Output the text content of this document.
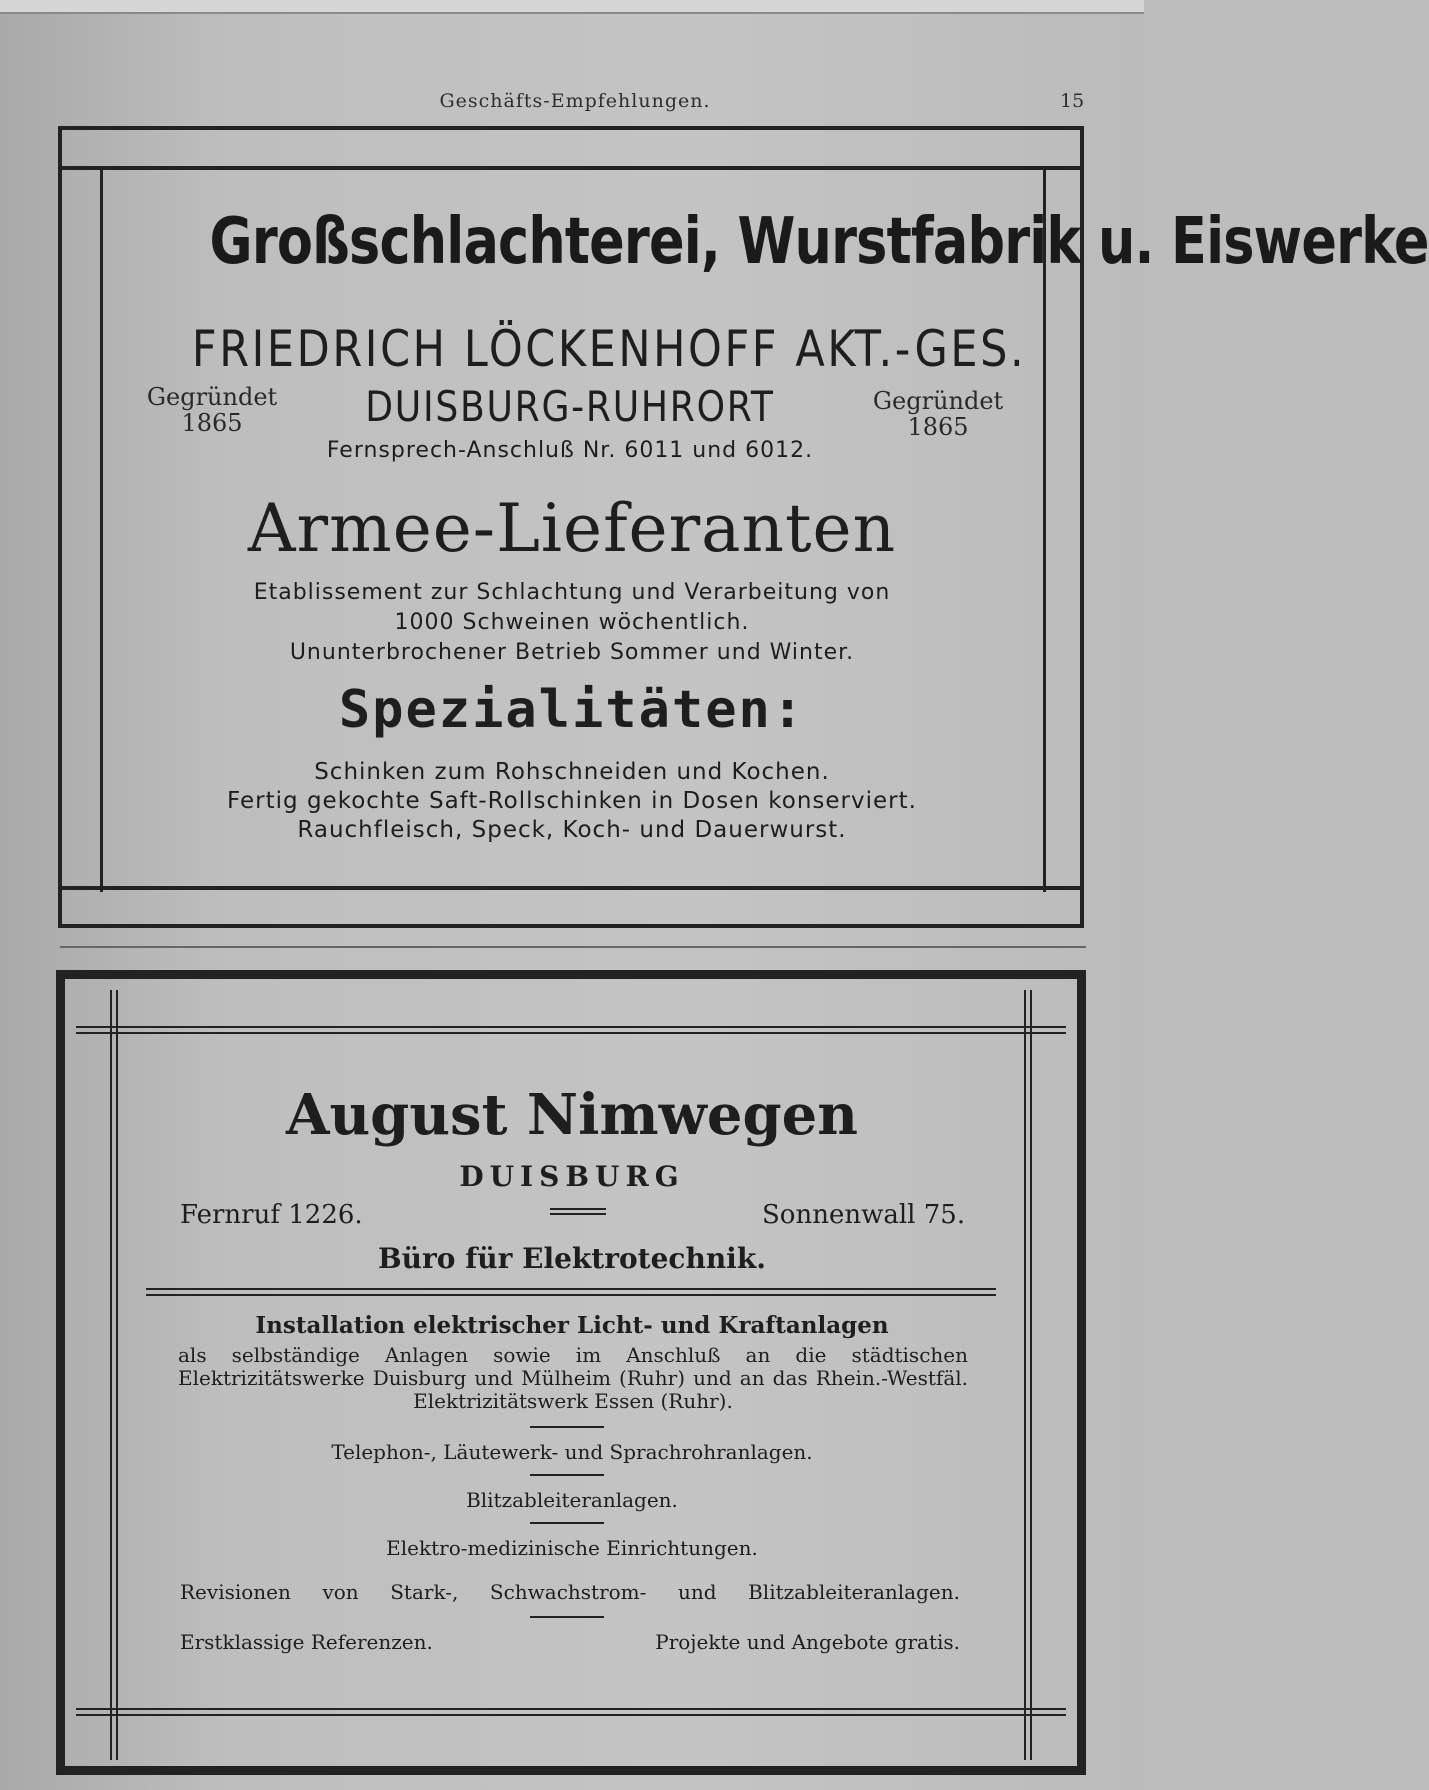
Geschäfts-Empfehlungen.	15
Großschlachterei, Wurstfabrik u. Eiswerke
FRIEDRICH LÖCKENHOFF AKT.-GES.
Gegründet
1865
Gegründet
1865
DUISBURG-RUHRORT
Fernsprech-Anschluß Nr. 6011 und 6012.
Armee-Lieferanten
Etablissement zur Schlachtung und Verarbeitung von
1000 Schweinen wöchentlich.
Ununterbrochener Betrieb Sommer und Winter.
Spezialitäten:
Schinken zum Rohschneiden und Kochen.
Fertig gekochte Saft-Rollschinken in Dosen konserviert.
Rauchfleisch, Speck, Koch- und Dauerwurst.
August Nimwegen
DUISBURG
Fernruf 1226.	Sonnenwall 75.
Büro für Elektrotechnik.
Installation elektrischer Licht- und Kraftanlagen
als selbständige Anlagen sowie im Anschluß an die städtischen Elektrizitätswerke Duisburg und Mülheim (Ruhr) und an das Rhein.-Westfäl. Elektrizitätswerk Essen (Ruhr).
Telephon-, Läutewerk- und Sprachrohranlagen.
Blitzableiteranlagen.
Elektro-medizinische Einrichtungen.
Revisionen von Stark-, Schwachstrom- und Blitzableiteranlagen.
Erstklassige Referenzen.	Projekte und Angebote gratis.
